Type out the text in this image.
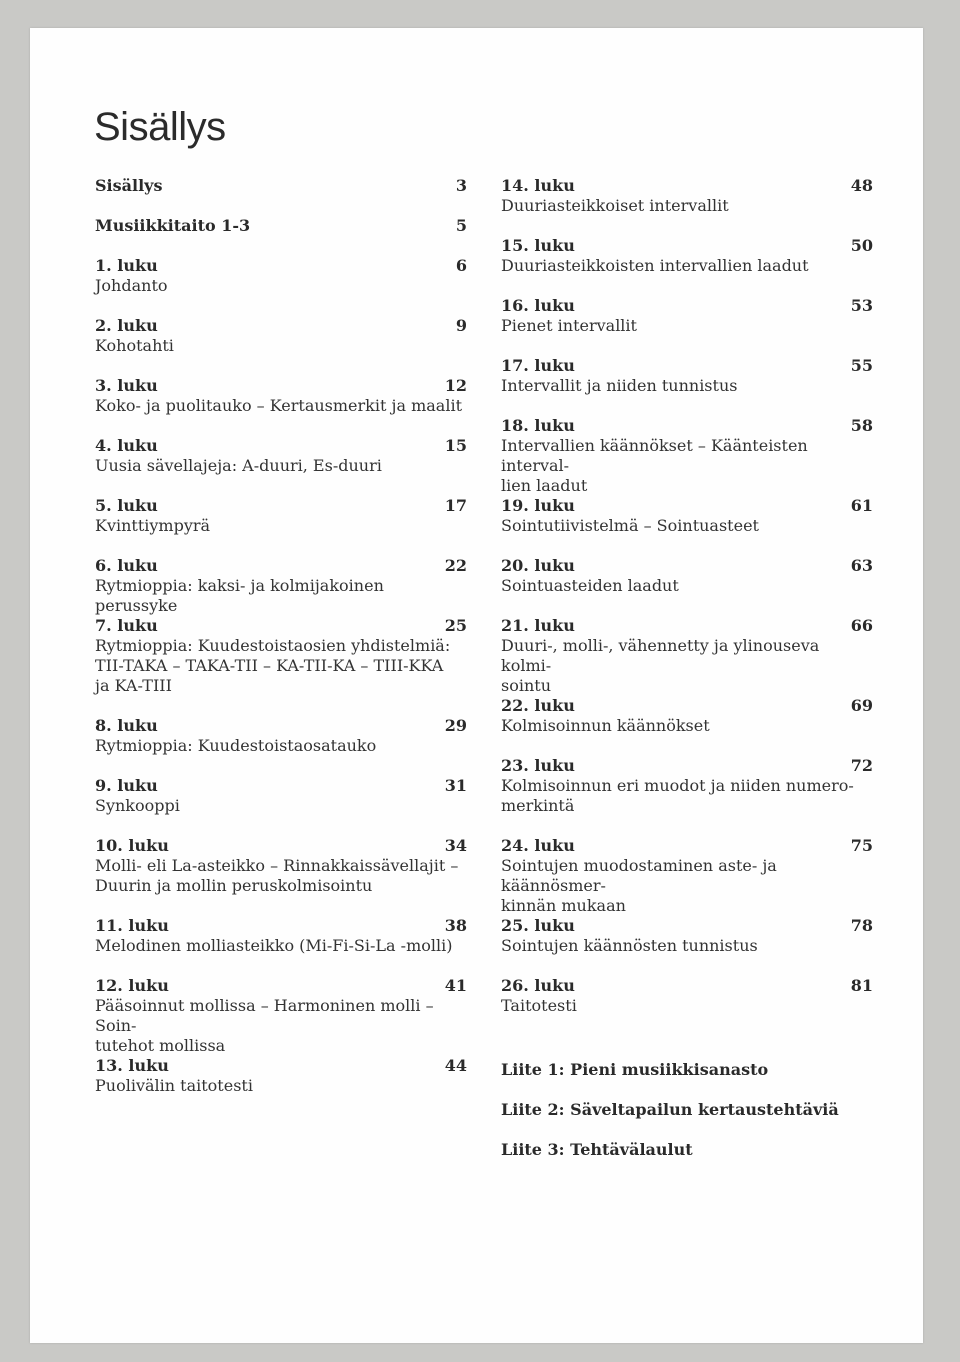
Sisällys
Sisällys	3
Musiikkitaito 1-3	5
1. luku	6
Johdanto
2. luku	9
Kohotahti
3. luku	12
Koko- ja puolitauko – Kertausmerkit ja maalit
4. luku	15
Uusia sävellajeja: A-duuri, Es-duuri
5. luku	17
Kvinttiympyrä
6. luku	22
Rytmioppia: kaksi- ja kolmijakoinen perussyke
7. luku	25
Rytmioppia: Kuudestoistaosien yhdistelmiä:
TII-TAKA – TAKA-TII – KA-TII-KA – TIII-KKA
ja KA-TIII
8. luku	29
Rytmioppia: Kuudestoistaosatauko
9. luku	31
Synkooppi
10. luku	34
Molli- eli La-asteikko – Rinnakkaissävellajit –
Duurin ja mollin peruskolmisointu
11. luku	38
Melodinen molliasteikko (Mi-Fi-Si-La -molli)
12. luku	41
Pääsoinnut mollissa – Harmoninen molli – Soin-
tutehot mollissa
13. luku	44
Puolivälin taitotesti
14. luku	48
Duuriasteikkoiset intervallit
15. luku	50
Duuriasteikkoisten intervallien laadut
16. luku	53
Pienet intervallit
17. luku	55
Intervallit ja niiden tunnistus
18. luku	58
Intervallien käännökset – Käänteisten interval-
lien laadut
19. luku	61
Sointutiivistelmä – Sointuasteet
20. luku	63
Sointuasteiden laadut
21. luku	66
Duuri-, molli-, vähennetty ja ylinouseva kolmi-
sointu
22. luku	69
Kolmisoinnun käännökset
23. luku	72
Kolmisoinnun eri muodot ja niiden numero-
merkintä
24. luku	75
Sointujen muodostaminen aste- ja käännösmer-
kinnän mukaan
25. luku	78
Sointujen käännösten tunnistus
26. luku	81
Taitotesti
Liite 1: Pieni musiikkisanasto
Liite 2: Säveltapailun kertaustehtäviä
Liite 3: Tehtävälaulut
